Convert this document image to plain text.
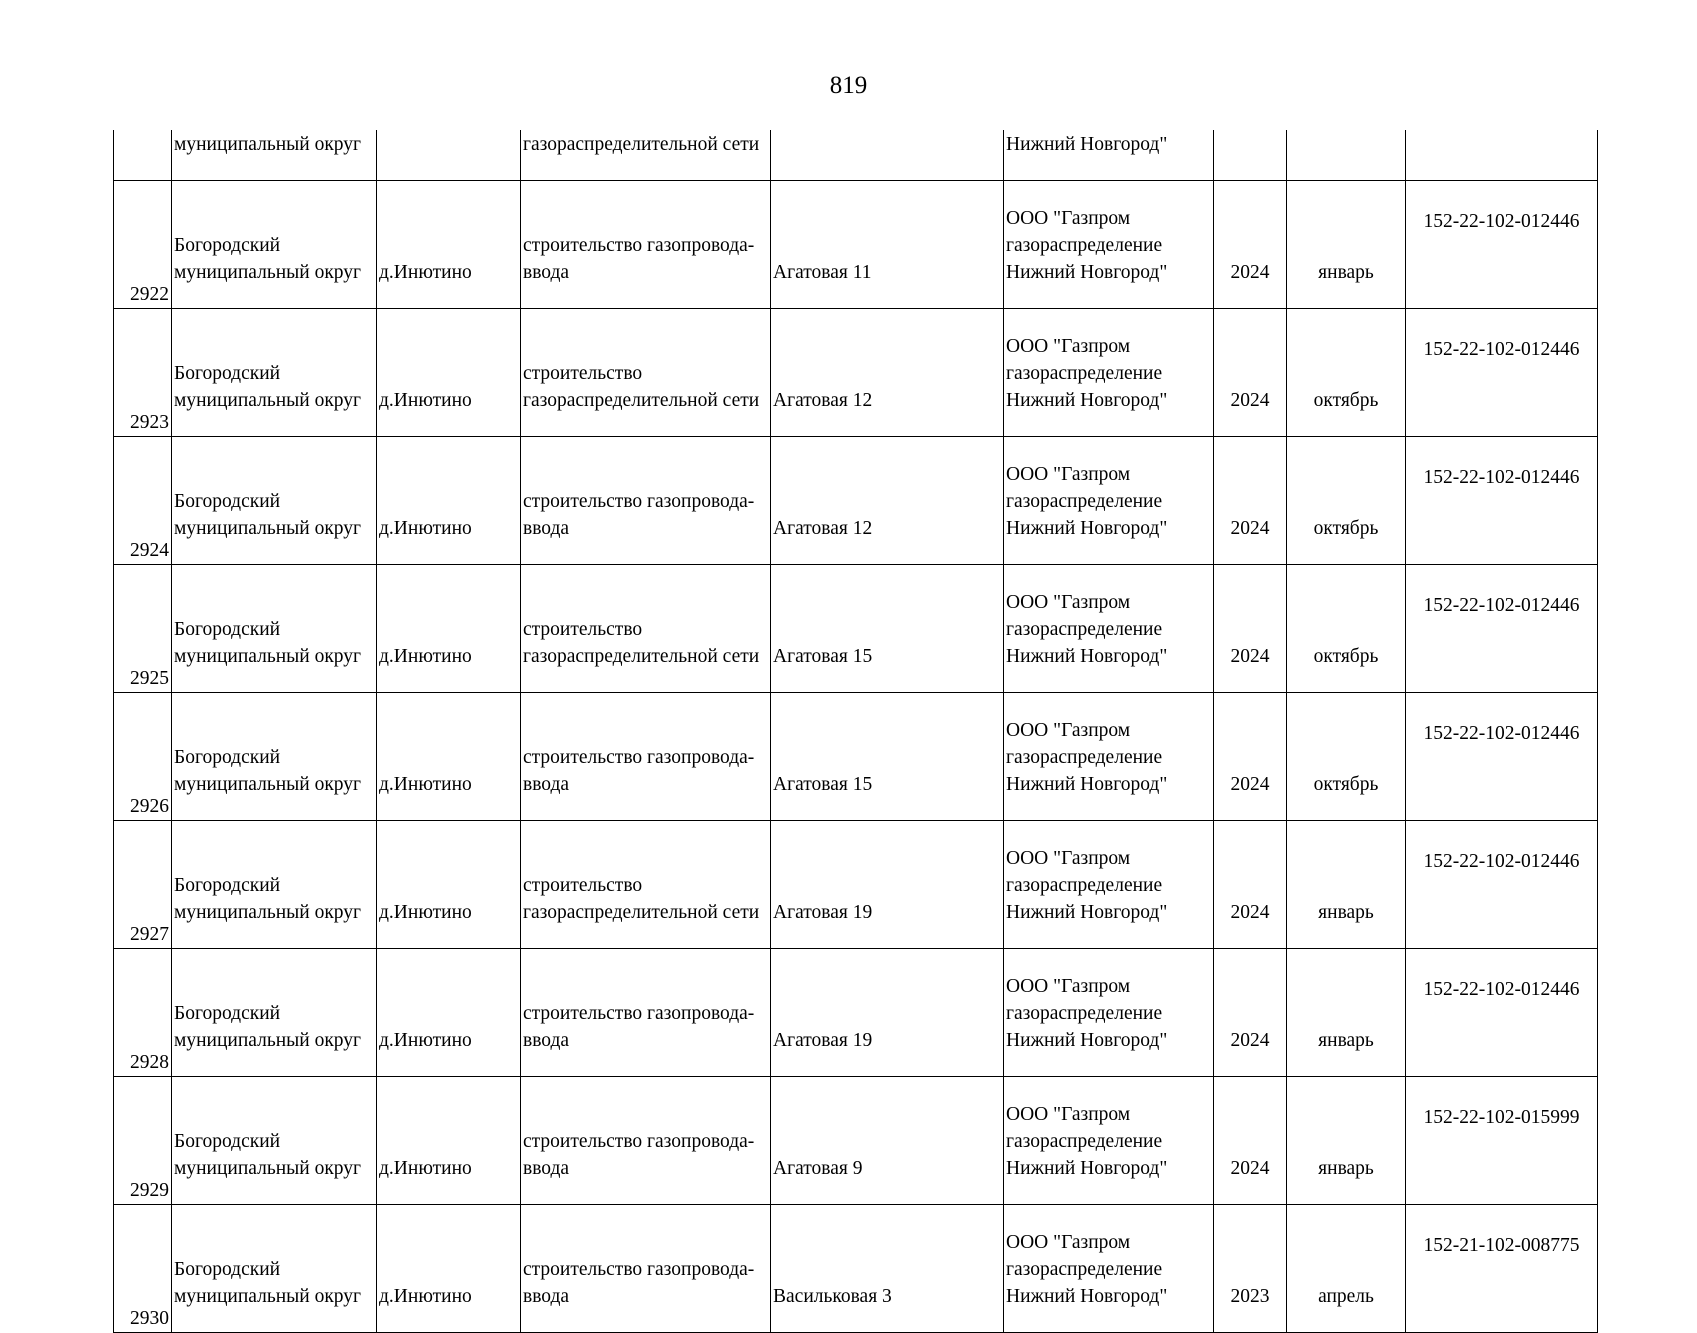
819
	муниципальный округ		газораспределительной сети		Нижний Новгород"			
2922	Богородский
муниципальный округ	д.Инютино	строительство газопровода-
ввода	Агатовая 11	ООО "Газпром
газораспределение
Нижний Новгород"	2024	январь	152-22-102-012446
2923	Богородский
муниципальный округ	д.Инютино	строительство
газораспределительной сети	Агатовая 12	ООО "Газпром
газораспределение
Нижний Новгород"	2024	октябрь	152-22-102-012446
2924	Богородский
муниципальный округ	д.Инютино	строительство газопровода-
ввода	Агатовая 12	ООО "Газпром
газораспределение
Нижний Новгород"	2024	октябрь	152-22-102-012446
2925	Богородский
муниципальный округ	д.Инютино	строительство
газораспределительной сети	Агатовая 15	ООО "Газпром
газораспределение
Нижний Новгород"	2024	октябрь	152-22-102-012446
2926	Богородский
муниципальный округ	д.Инютино	строительство газопровода-
ввода	Агатовая 15	ООО "Газпром
газораспределение
Нижний Новгород"	2024	октябрь	152-22-102-012446
2927	Богородский
муниципальный округ	д.Инютино	строительство
газораспределительной сети	Агатовая 19	ООО "Газпром
газораспределение
Нижний Новгород"	2024	январь	152-22-102-012446
2928	Богородский
муниципальный округ	д.Инютино	строительство газопровода-
ввода	Агатовая 19	ООО "Газпром
газораспределение
Нижний Новгород"	2024	январь	152-22-102-012446
2929	Богородский
муниципальный округ	д.Инютино	строительство газопровода-
ввода	Агатовая 9	ООО "Газпром
газораспределение
Нижний Новгород"	2024	январь	152-22-102-015999
2930	Богородский
муниципальный округ	д.Инютино	строительство газопровода-
ввода	Васильковая 3	ООО "Газпром
газораспределение
Нижний Новгород"	2023	апрель	152-21-102-008775
